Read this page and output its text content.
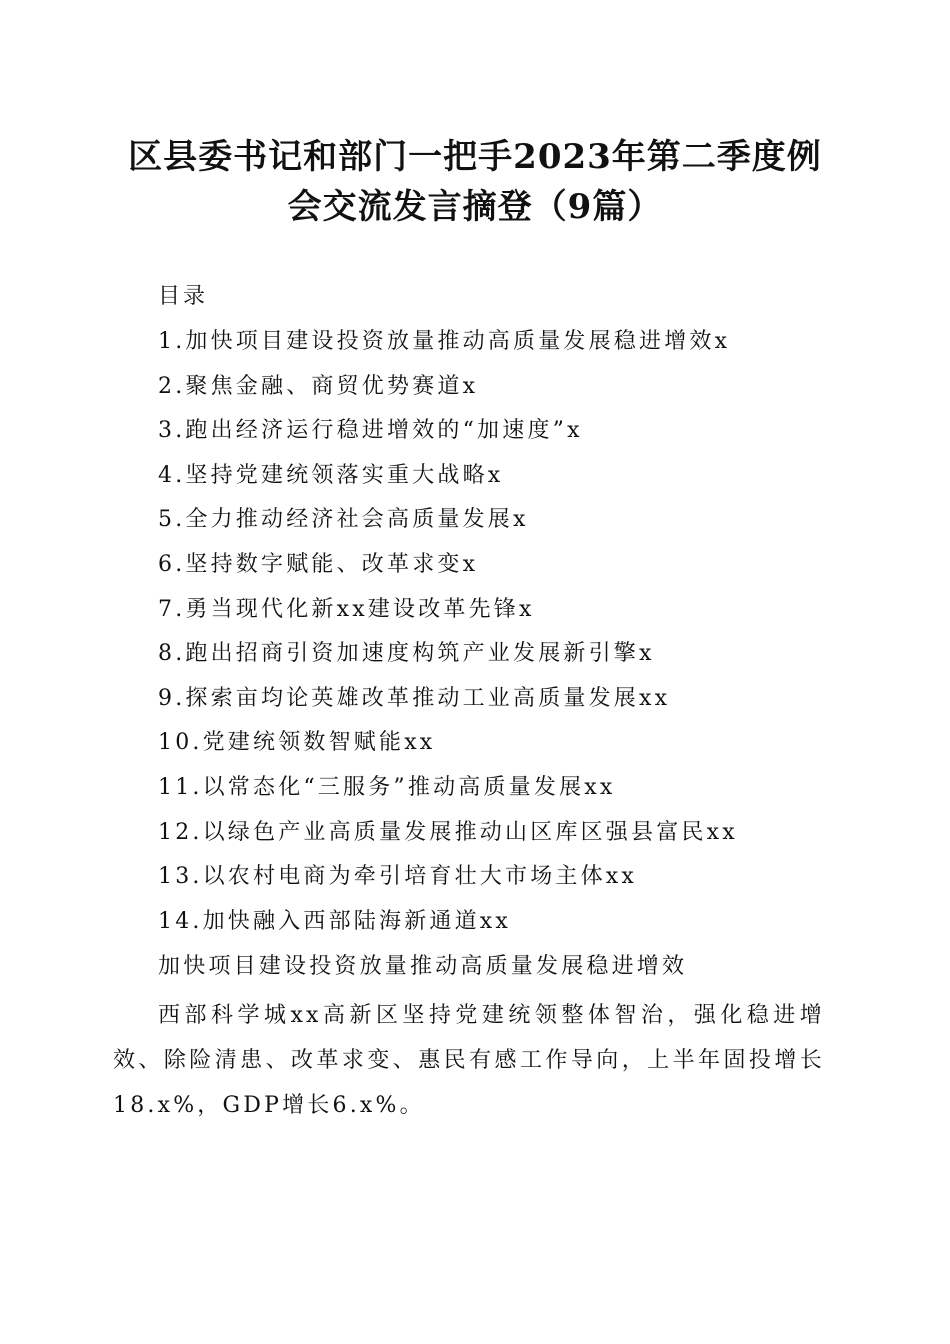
区县委书记和部门一把手2023年第二季度例
会交流发言摘登（9篇）
目录
1.加快项目建设投资放量推动高质量发展稳进增效x
2.聚焦金融、商贸优势赛道x
3.跑出经济运行稳进增效的“加速度”x
4.坚持党建统领落实重大战略x
5.全力推动经济社会高质量发展x
6.坚持数字赋能、改革求变x
7.勇当现代化新xx建设改革先锋x
8.跑出招商引资加速度构筑产业发展新引擎x
9.探索亩均论英雄改革推动工业高质量发展xx
10.党建统领数智赋能xx
11.以常态化“三服务”推动高质量发展xx
12.以绿色产业高质量发展推动山区库区强县富民xx
13.以农村电商为牵引培育壮大市场主体xx
14.加快融入西部陆海新通道xx
加快项目建设投资放量推动高质量发展稳进增效

西部科学城xx高新区坚持党建统领整体智治，强化稳进增效、除险清患、改革求变、惠民有感工作导向，上半年固投增长18.x%，GDP增长6.x%。
